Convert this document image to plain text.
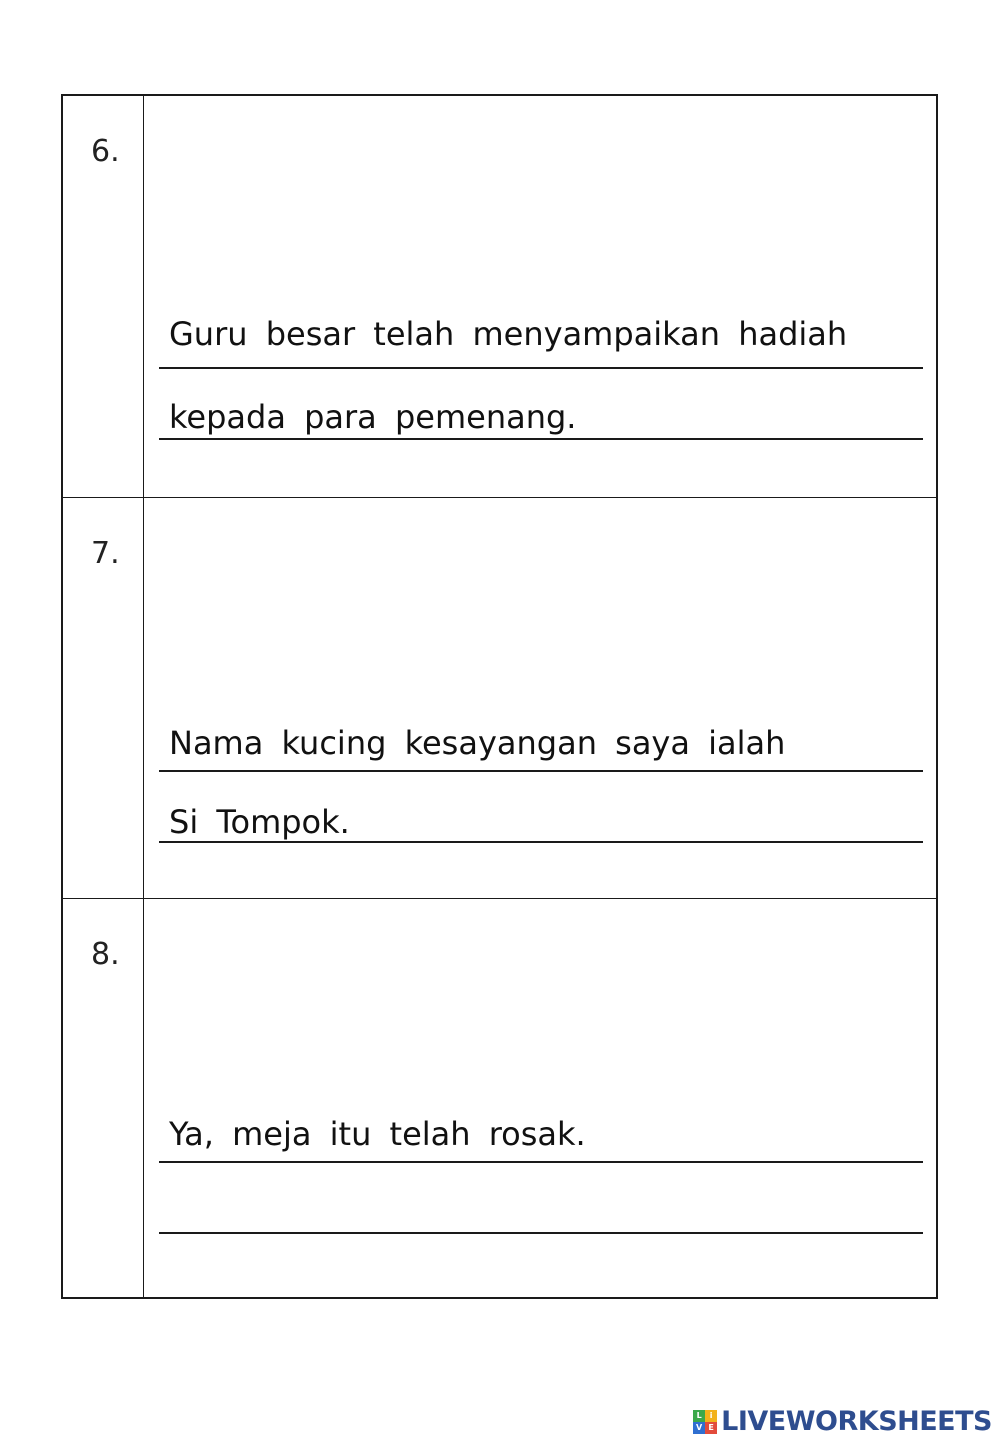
6.
Guru besar telah menyampaikan hadiah
kepada para pemenang.
7.
Nama kucing kesayangan saya ialah
Si Tompok.
8.
Ya, meja itu telah rosak.
L	i
V E LIVEWORKSHEETS
